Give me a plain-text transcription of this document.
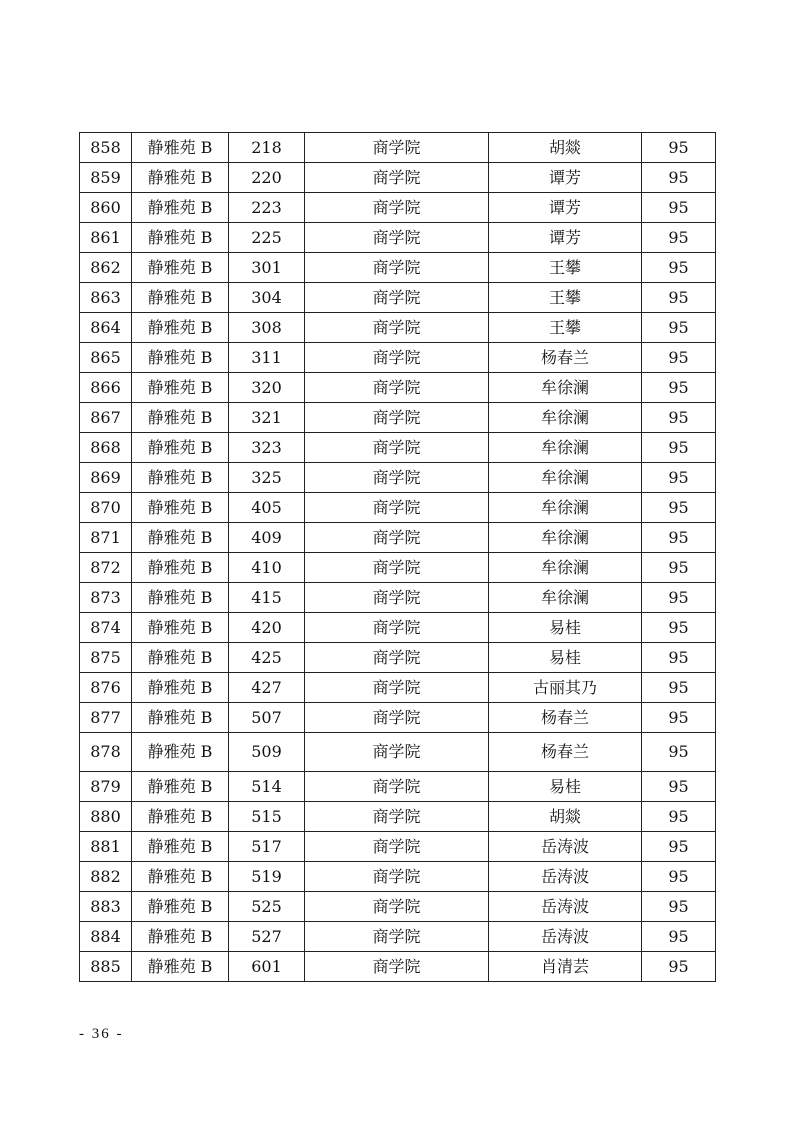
858	静雅苑 B	218	商学院	胡燚	95
859	静雅苑 B	220	商学院	谭芳	95
860	静雅苑 B	223	商学院	谭芳	95
861	静雅苑 B	225	商学院	谭芳	95
862	静雅苑 B	301	商学院	王攀	95
863	静雅苑 B	304	商学院	王攀	95
864	静雅苑 B	308	商学院	王攀	95
865	静雅苑 B	311	商学院	杨春兰	95
866	静雅苑 B	320	商学院	牟徐澜	95
867	静雅苑 B	321	商学院	牟徐澜	95
868	静雅苑 B	323	商学院	牟徐澜	95
869	静雅苑 B	325	商学院	牟徐澜	95
870	静雅苑 B	405	商学院	牟徐澜	95
871	静雅苑 B	409	商学院	牟徐澜	95
872	静雅苑 B	410	商学院	牟徐澜	95
873	静雅苑 B	415	商学院	牟徐澜	95
874	静雅苑 B	420	商学院	易桂	95
875	静雅苑 B	425	商学院	易桂	95
876	静雅苑 B	427	商学院	古丽其乃	95
877	静雅苑 B	507	商学院	杨春兰	95
878	静雅苑 B	509	商学院	杨春兰	95
879	静雅苑 B	514	商学院	易桂	95
880	静雅苑 B	515	商学院	胡燚	95
881	静雅苑 B	517	商学院	岳涛波	95
882	静雅苑 B	519	商学院	岳涛波	95
883	静雅苑 B	525	商学院	岳涛波	95
884	静雅苑 B	527	商学院	岳涛波	95
885	静雅苑 B	601	商学院	肖清芸	95
- 36 -
